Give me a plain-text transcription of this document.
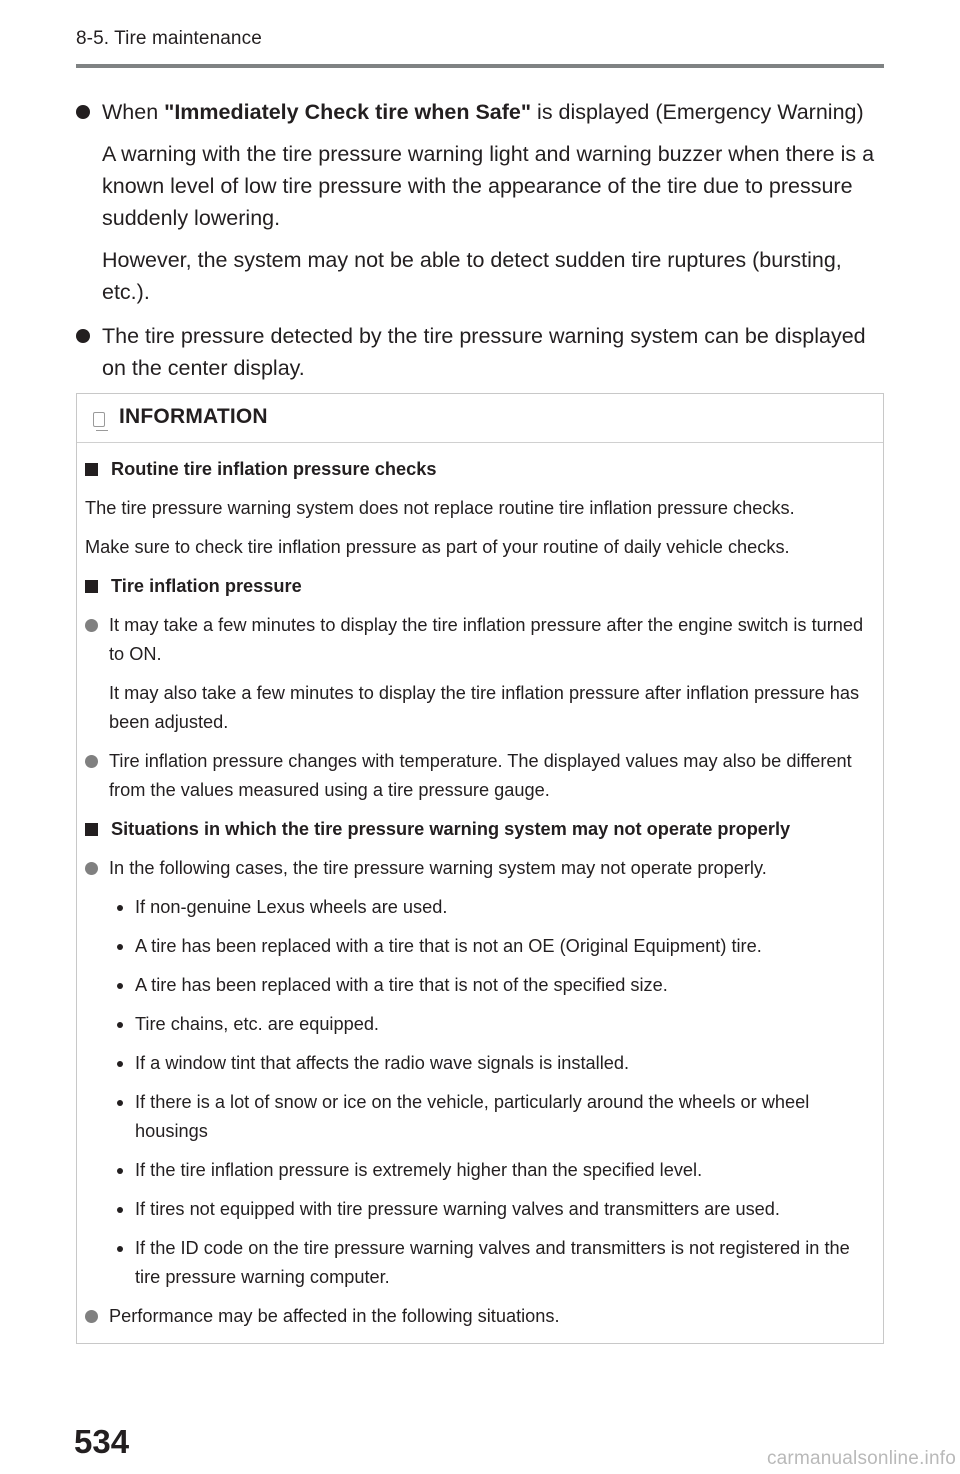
8-5. Tire maintenance

When "Immediately Check tire when Safe" is displayed (Emergency Warning)

A warning with the tire pressure warning light and warning buzzer when there is a known level of low tire pressure with the appearance of the tire due to pressure suddenly lowering.

However, the system may not be able to detect sudden tire ruptures (bursting, etc.).

The tire pressure detected by the tire pressure warning system can be displayed on the center display.

INFORMATION
Routine tire inflation pressure checks

The tire pressure warning system does not replace routine tire inflation pressure checks.

Make sure to check tire inflation pressure as part of your routine of daily vehicle checks.

Tire inflation pressure

It may take a few minutes to display the tire inflation pressure after the engine switch is turned to ON.

It may also take a few minutes to display the tire inflation pressure after inflation pressure has been adjusted.

Tire inflation pressure changes with temperature. The displayed values may also be different from the values measured using a tire pressure gauge.

Situations in which the tire pressure warning system may not operate properly

In the following cases, the tire pressure warning system may not operate properly.

If non-genuine Lexus wheels are used.
A tire has been replaced with a tire that is not an OE (Original Equipment) tire.
A tire has been replaced with a tire that is not of the specified size.
Tire chains, etc. are equipped.
If a window tint that affects the radio wave signals is installed.
If there is a lot of snow or ice on the vehicle, particularly around the wheels or wheel housings
If the tire inflation pressure is extremely higher than the specified level.
If tires not equipped with tire pressure warning valves and transmitters are used.
If the ID code on the tire pressure warning valves and transmitters is not registered in the tire pressure warning computer.

Performance may be affected in the following situations.

534	carmanualsonline.info
